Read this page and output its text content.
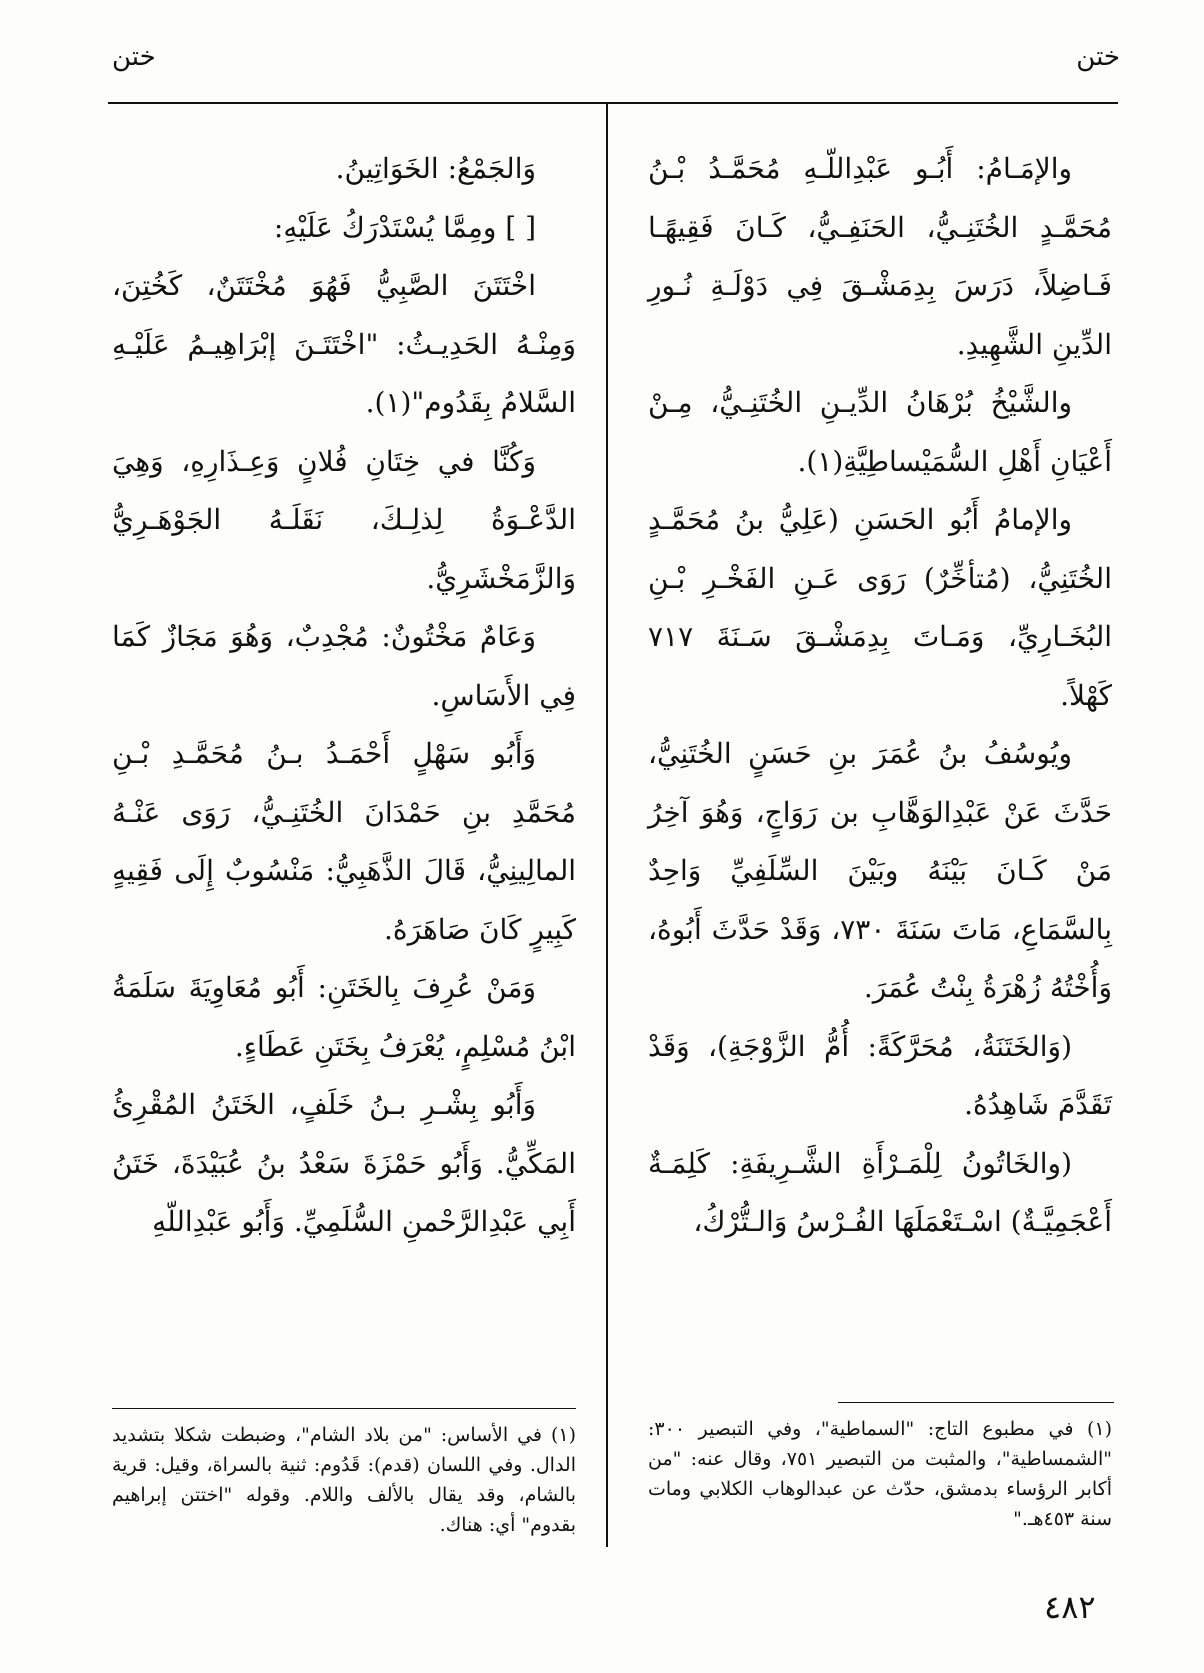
ختن
ختن

والإمَـامُ: أَبُـو عَبْدِاللّـهِ مُحَمَّـدُ بْـنُ مُحَمَّـدٍ الخُتَنِـيُّ، الحَنَفِـيُّ، كَـانَ فَقِيهًـا فَـاضِلاً، دَرَسَ بِدِمَشْـقَ فِي دَوْلَـةِ نُـورِ الدِّينِ الشَّهِيدِ.

والشَّيْخُ بُرْهَانُ الدِّيـنِ الخُتَنِـيُّ، مِـنْ أَعْيَانِ أَهْلِ السُّمَيْساطِيَّةِ(١).

والإمامُ أَبُو الحَسَنِ (عَلِيُّ بنُ مُحَمَّـدٍ الخُتَنِيُّ، (مُتأخِّرٌ) رَوَى عَـنِ الفَخْـرِ بْـنِ البُخَـارِيِّ، وَمَـاتَ بِدِمَشْـقَ سَـنَةَ ٧١٧ كَهْلاً.

ويُوسُفُ بنُ عُمَرَ بنِ حَسَنٍ الخُتَنِيُّ، حَدَّثَ عَنْ عَبْدِالوَهَّابِ بن رَوَاجٍ، وَهُوَ آخِرُ مَنْ كَـانَ بَيْنَهُ وبَيْنَ السِّلَفِيِّ وَاحِدٌ بِالسَّمَاعِ، مَاتَ سَنَةَ ٧٣٠، وَقَدْ حَدَّثَ أَبُوهُ، وَأُخْتُهُ زُهْرَةُ بِنْتُ عُمَرَ.

(وَالخَتَنَةُ، مُحَرَّكَةً: أُمُّ الزَّوْجَةِ)، وَقَدْ تَقَدَّمَ شَاهِدُهُ.

(والخَاتُونُ لِلْمَـرْأَةِ الشَّـرِيفَةِ: كَلِمَـةٌ أَعْجَمِيَّـةٌ) اسْـتَعْمَلَهَا الفُـرْسُ وَالـتُّرْكُ،

وَالجَمْعُ: الخَوَاتِينُ.

[ ] ومِمَّا يُسْتَدْرَكُ عَلَيْهِ:

اخْتَتَنَ الصَّبِيُّ فَهُوَ مُخْتَتَنٌ، كَخُتِنَ، وَمِنْـهُ الحَدِيـثُ: "اخْتَتَـنَ إبْرَاهِيـمُ عَلَيْـهِ السَّلامُ بِقَدُوم"(١).

وَكُنَّا في خِتَانِ فُلانٍ وَعِـذَارِهِ، وَهِيَ الدَّعْـوَةُ لِذلِـكَ، نَقَلَـهُ الجَوْهَـرِيُّ وَالزَّمَخْشَرِيُّ.

وَعَامٌ مَخْتُونٌ: مُجْدِبٌ، وَهُوَ مَجَازٌ كَمَا فِي الأَسَاسِ.

وَأَبُو سَهْلٍ أَحْمَـدُ بـنُ مُحَمَّـدِ بْـنِ مُحَمَّدِ بنِ حَمْدَانَ الخُتَنِـيُّ، رَوَى عَنْـهُ المالِينِيُّ، قَالَ الذَّهَبِيُّ: مَنْسُوبٌ إِلَى فَقِيهٍ كَبِيرٍ كَانَ صَاهَرَهُ.

وَمَنْ عُرِفَ بِالخَتَنِ: أَبُو مُعَاوِيَةَ سَلَمَةُ ابْنُ مُسْلِمٍ، يُعْرَفُ بِخَتَنِ عَطَاءٍ.

وَأَبُو بِشْـرِ بـنُ خَلَفٍ، الخَتَنُ المُقْرِئُ المَكِّيُّ. وَأَبُو حَمْزَةَ سَعْدُ بنُ عُبَيْدَةَ، خَتَنُ أَبِي عَبْدِالرَّحْمنِ السُّلَمِيِّ. وَأَبُو عَبْدِاللّهِ

(١) في مطبوع التاج: "السماطية"، وفي التبصير ٣٠٠: "الشمساطية"، والمثبت من التبصير ٧٥١، وقال عنه: "من أكابر الرؤساء بدمشق، حدّث عن عبدالوهاب الكلابي ومات سنة ٤٥٣هـ."

(١) في الأساس: "من بلاد الشام"، وضبطت شكلا بتشديد الدال. وفي اللسان (قدم): قَدُوم: ثنية بالسراة، وقيل: قرية بالشام، وقد يقال بالألف واللام. وقوله "اختتن إبراهيم بقدوم" أي: هناك.

٤٨٢
